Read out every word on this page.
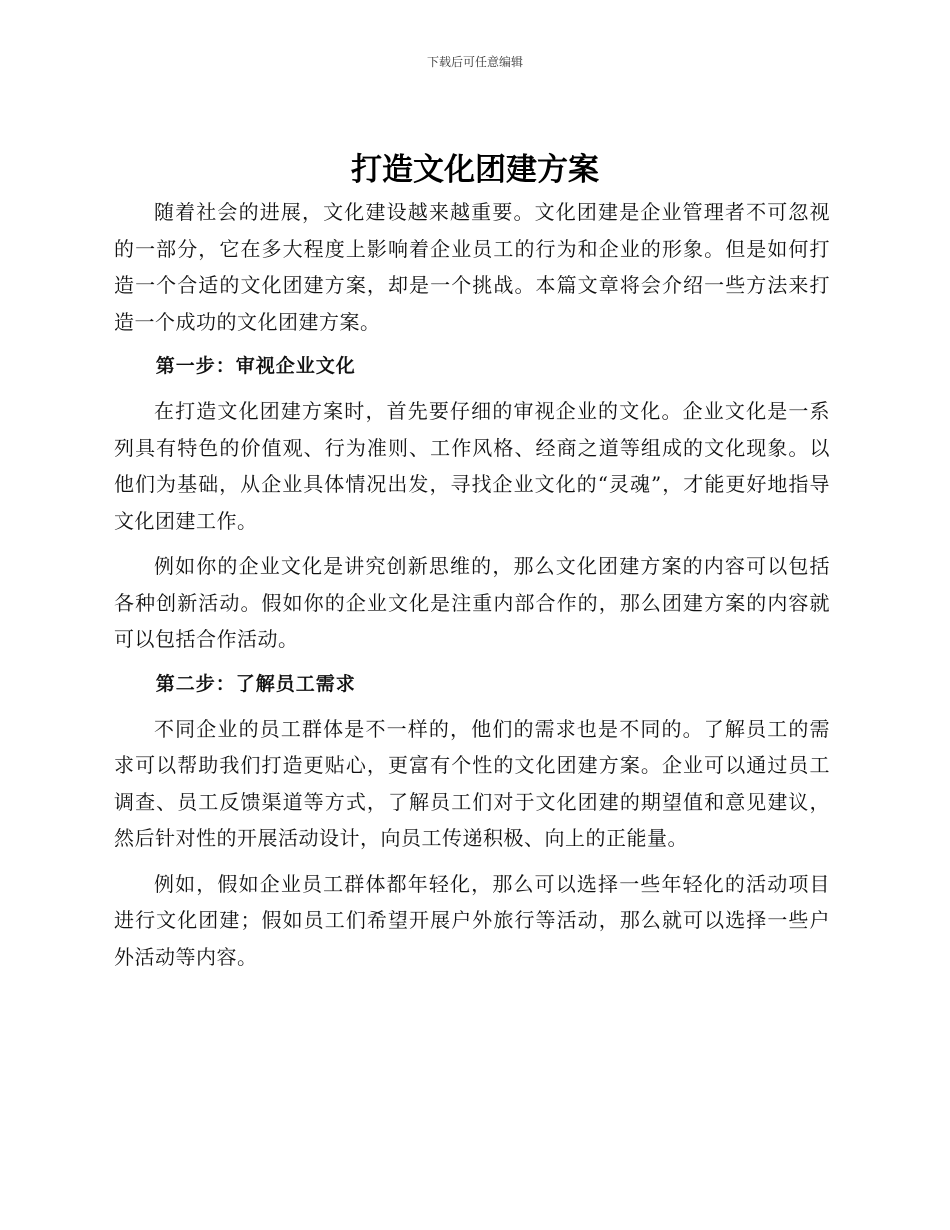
下载后可任意编辑
打造文化团建方案

随着社会的进展，文化建设越来越重要。文化团建是企业管理者不可忽视的一部分，它在多大程度上影响着企业员工的行为和企业的形象。但是如何打造一个合适的文化团建方案，却是一个挑战。本篇文章将会介绍一些方法来打造一个成功的文化团建方案。

第一步：审视企业文化

在打造文化团建方案时，首先要仔细的审视企业的文化。企业文化是一系列具有特色的价值观、行为准则、工作风格、经商之道等组成的文化现象。以他们为基础，从企业具体情况出发，寻找企业文化的“灵魂”，才能更好地指导文化团建工作。

例如你的企业文化是讲究创新思维的，那么文化团建方案的内容可以包括各种创新活动。假如你的企业文化是注重内部合作的，那么团建方案的内容就可以包括合作活动。

第二步：了解员工需求

不同企业的员工群体是不一样的，他们的需求也是不同的。了解员工的需求可以帮助我们打造更贴心，更富有个性的文化团建方案。企业可以通过员工调查、员工反馈渠道等方式，了解员工们对于文化团建的期望值和意见建议，然后针对性的开展活动设计，向员工传递积极、向上的正能量。

例如，假如企业员工群体都年轻化，那么可以选择一些年轻化的活动项目进行文化团建；假如员工们希望开展户外旅行等活动，那么就可以选择一些户外活动等内容。
